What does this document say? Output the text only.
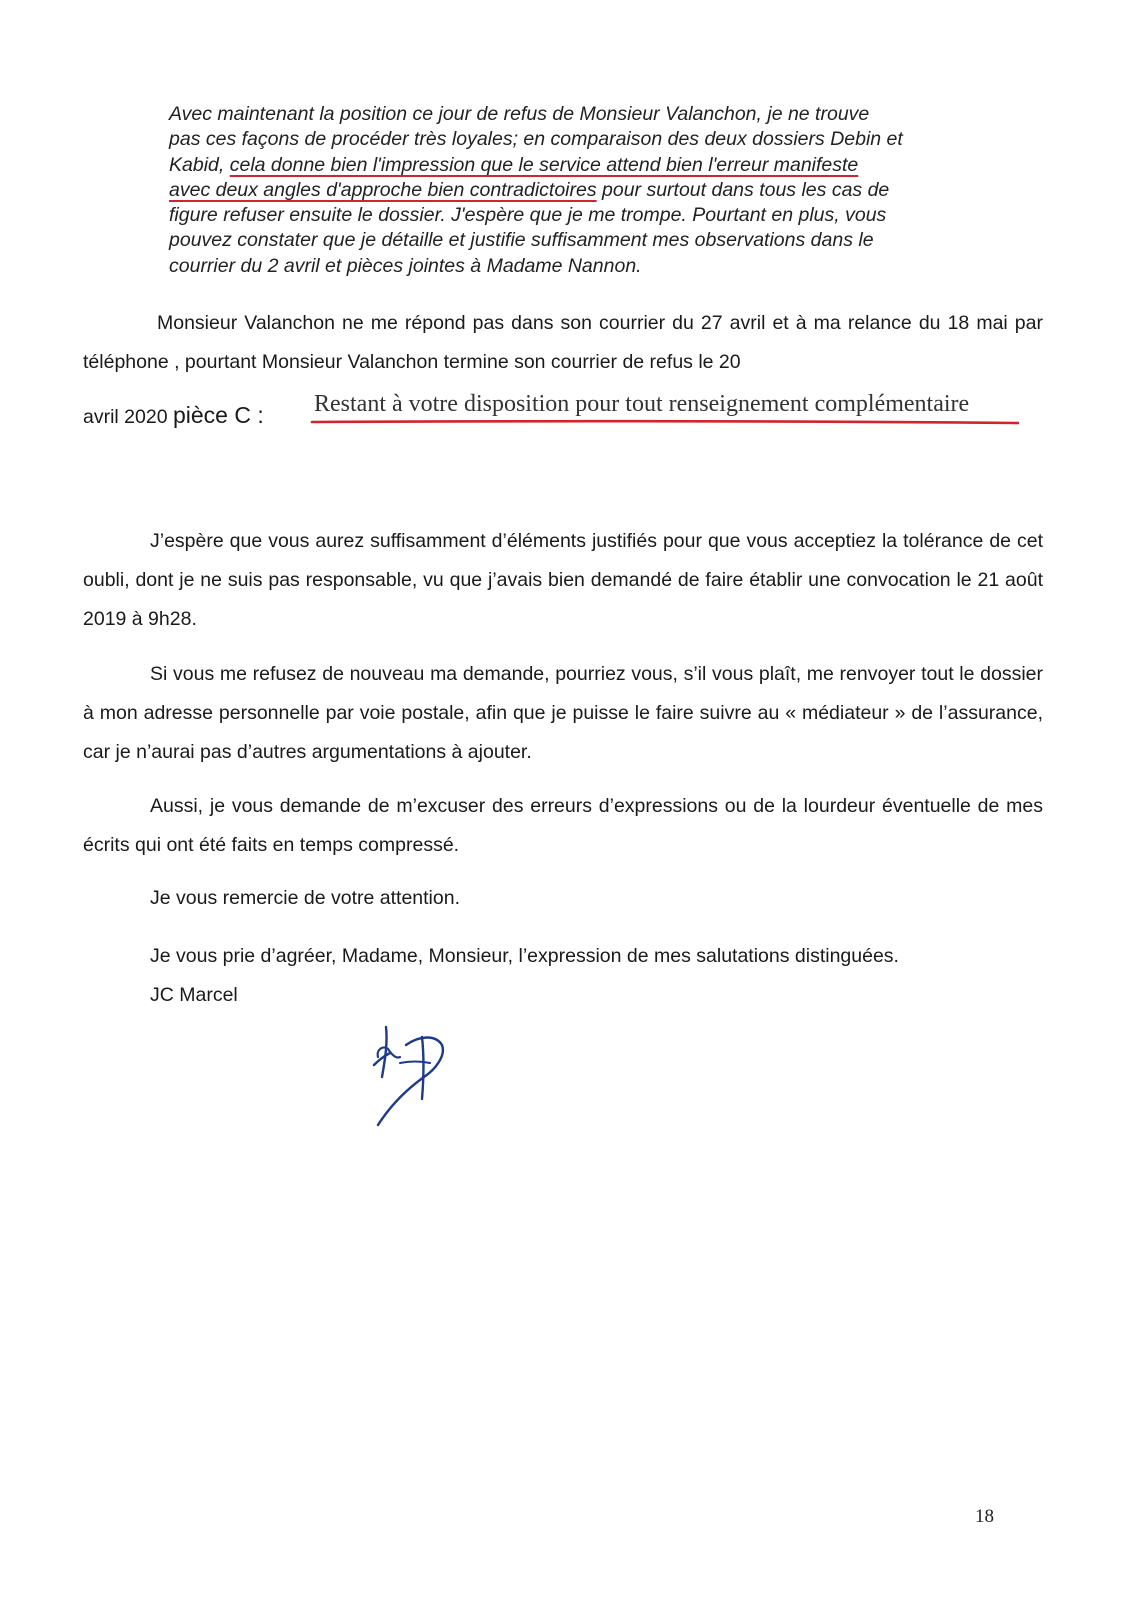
Avec maintenant la position ce jour de refus de Monsieur Valanchon, je ne trouve
pas ces façons de procéder très loyales; en comparaison des deux dossiers Debin et
Kabid, cela donne bien l'impression que le service attend bien l'erreur manifeste
avec deux angles d'approche bien contradictoires pour surtout dans tous les cas de
figure refuser ensuite le dossier. J'espère que je me trompe. Pourtant en plus, vous
pouvez constater que je détaille et justifie suffisamment mes observations dans le
courrier du 2 avril et pièces jointes à Madame Nannon.

Monsieur Valanchon ne me répond pas dans son courrier du 27 avril et à ma relance du 18 mai par téléphone , pourtant Monsieur Valanchon termine son courrier de refus le 20

avril 2020 pièce C : Restant à votre disposition pour tout renseignement complémentaire

J’espère que vous aurez suffisamment d’éléments justifiés pour que vous acceptiez la tolérance de cet oubli, dont je ne suis pas responsable, vu que j’avais bien demandé de faire établir une convocation le 21 août 2019 à 9h28.

Si vous me refusez de nouveau ma demande, pourriez vous, s’il vous plaît, me renvoyer tout le dossier à mon adresse personnelle par voie postale, afin que je puisse le faire suivre au « médiateur » de l’assurance, car je n’aurai pas d’autres argumentations à ajouter.

Aussi, je vous demande de m’excuser des erreurs d’expressions ou de la lourdeur éventuelle de mes écrits qui ont été faits en temps compressé.

Je vous remercie de votre attention.
Je vous prie d’agréer, Madame, Monsieur, l’expression de mes salutations distinguées.
JC Marcel
18
